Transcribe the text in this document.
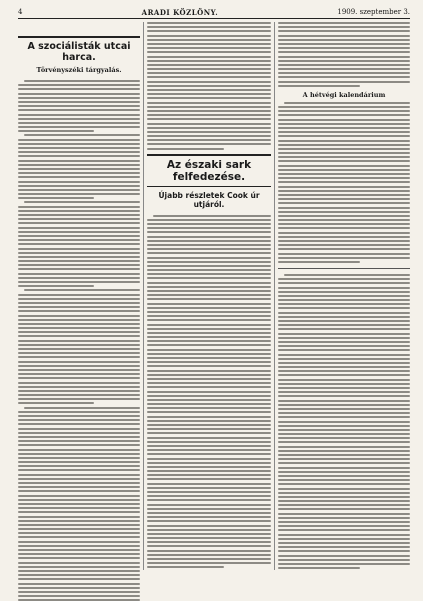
4	ARADI KÖZLÖNY.	1909. szeptember 3.
A szociálisták utcai harca.
Törvényszéki tárgyalás.
Az északi sark felfedezése.
Újabb részletek Cook úr utjáról.
A hétvégi kalendárium
